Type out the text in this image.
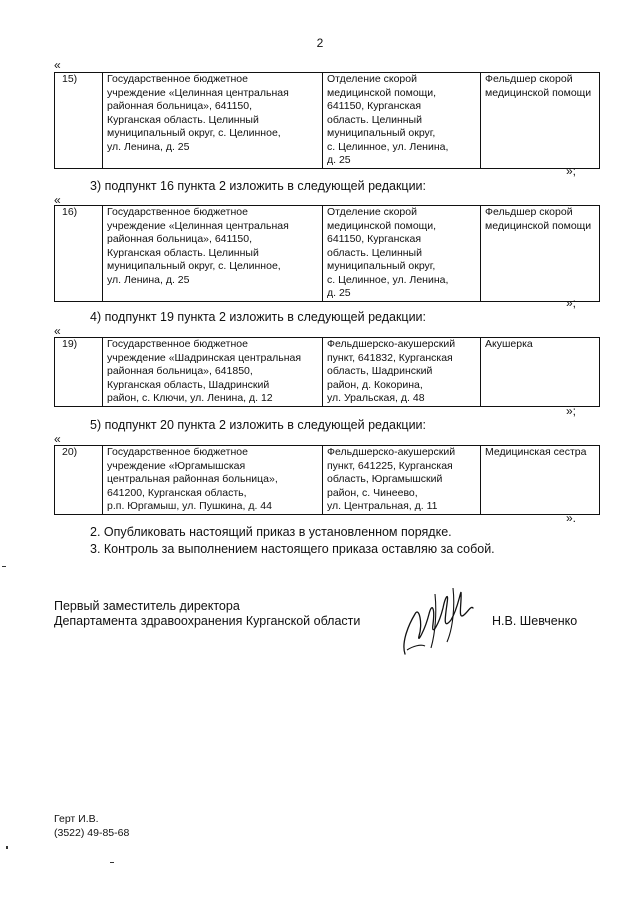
2
«
15)	Государственное бюджетное
учреждение «Целинная центральная
районная больница», 641150,
Курганская область. Целинный
муниципальный округ, с. Целинное,
ул. Ленина, д. 25

Отделение скорой
медицинской помощи,
641150, Курганская
область. Целинный
муниципальный округ,
с. Целинное, ул. Ленина,
д. 25

Фельдшер скорой
медицинской помощи
»;
3) подпункт 16 пункта 2 изложить в следующей редакции:
«
16)	Государственное бюджетное
учреждение «Целинная центральная
районная больница», 641150,
Курганская область. Целинный
муниципальный округ, с. Целинное,
ул. Ленина, д. 25

Отделение скорой
медицинской помощи,
641150, Курганская
область. Целинный
муниципальный округ,
с. Целинное, ул. Ленина,
д. 25

Фельдшер скорой
медицинской помощи
»;
4) подпункт 19 пункта 2 изложить в следующей редакции:
«
19)	Государственное бюджетное
учреждение «Шадринская центральная
районная больница», 641850,
Курганская область, Шадринский
район, с. Ключи, ул. Ленина, д. 12

Фельдшерско-акушерский
пункт, 641832, Курганская
область, Шадринский
район, д. Кокорина,
ул. Уральская, д. 48

Акушерка
»;
5) подпункт 20 пункта 2 изложить в следующей редакции:
«
20)	Государственное бюджетное
учреждение «Юргамышская
центральная районная больница»,
641200, Курганская область,
р.п. Юргамыш, ул. Пушкина, д. 44

Фельдшерско-акушерский
пункт, 641225, Курганская
область, Юргамышский
район, с. Чинеево,
ул. Центральная, д. 11

Медицинская сестра
».
2. Опубликовать настоящий приказ в установленном порядке.
3. Контроль за выполнением настоящего приказа оставляю за собой.
Первый заместитель директора
Департамента здравоохранения Курганской области	Н.В. Шевченко
Герт И.В.
(3522) 49-85-68
